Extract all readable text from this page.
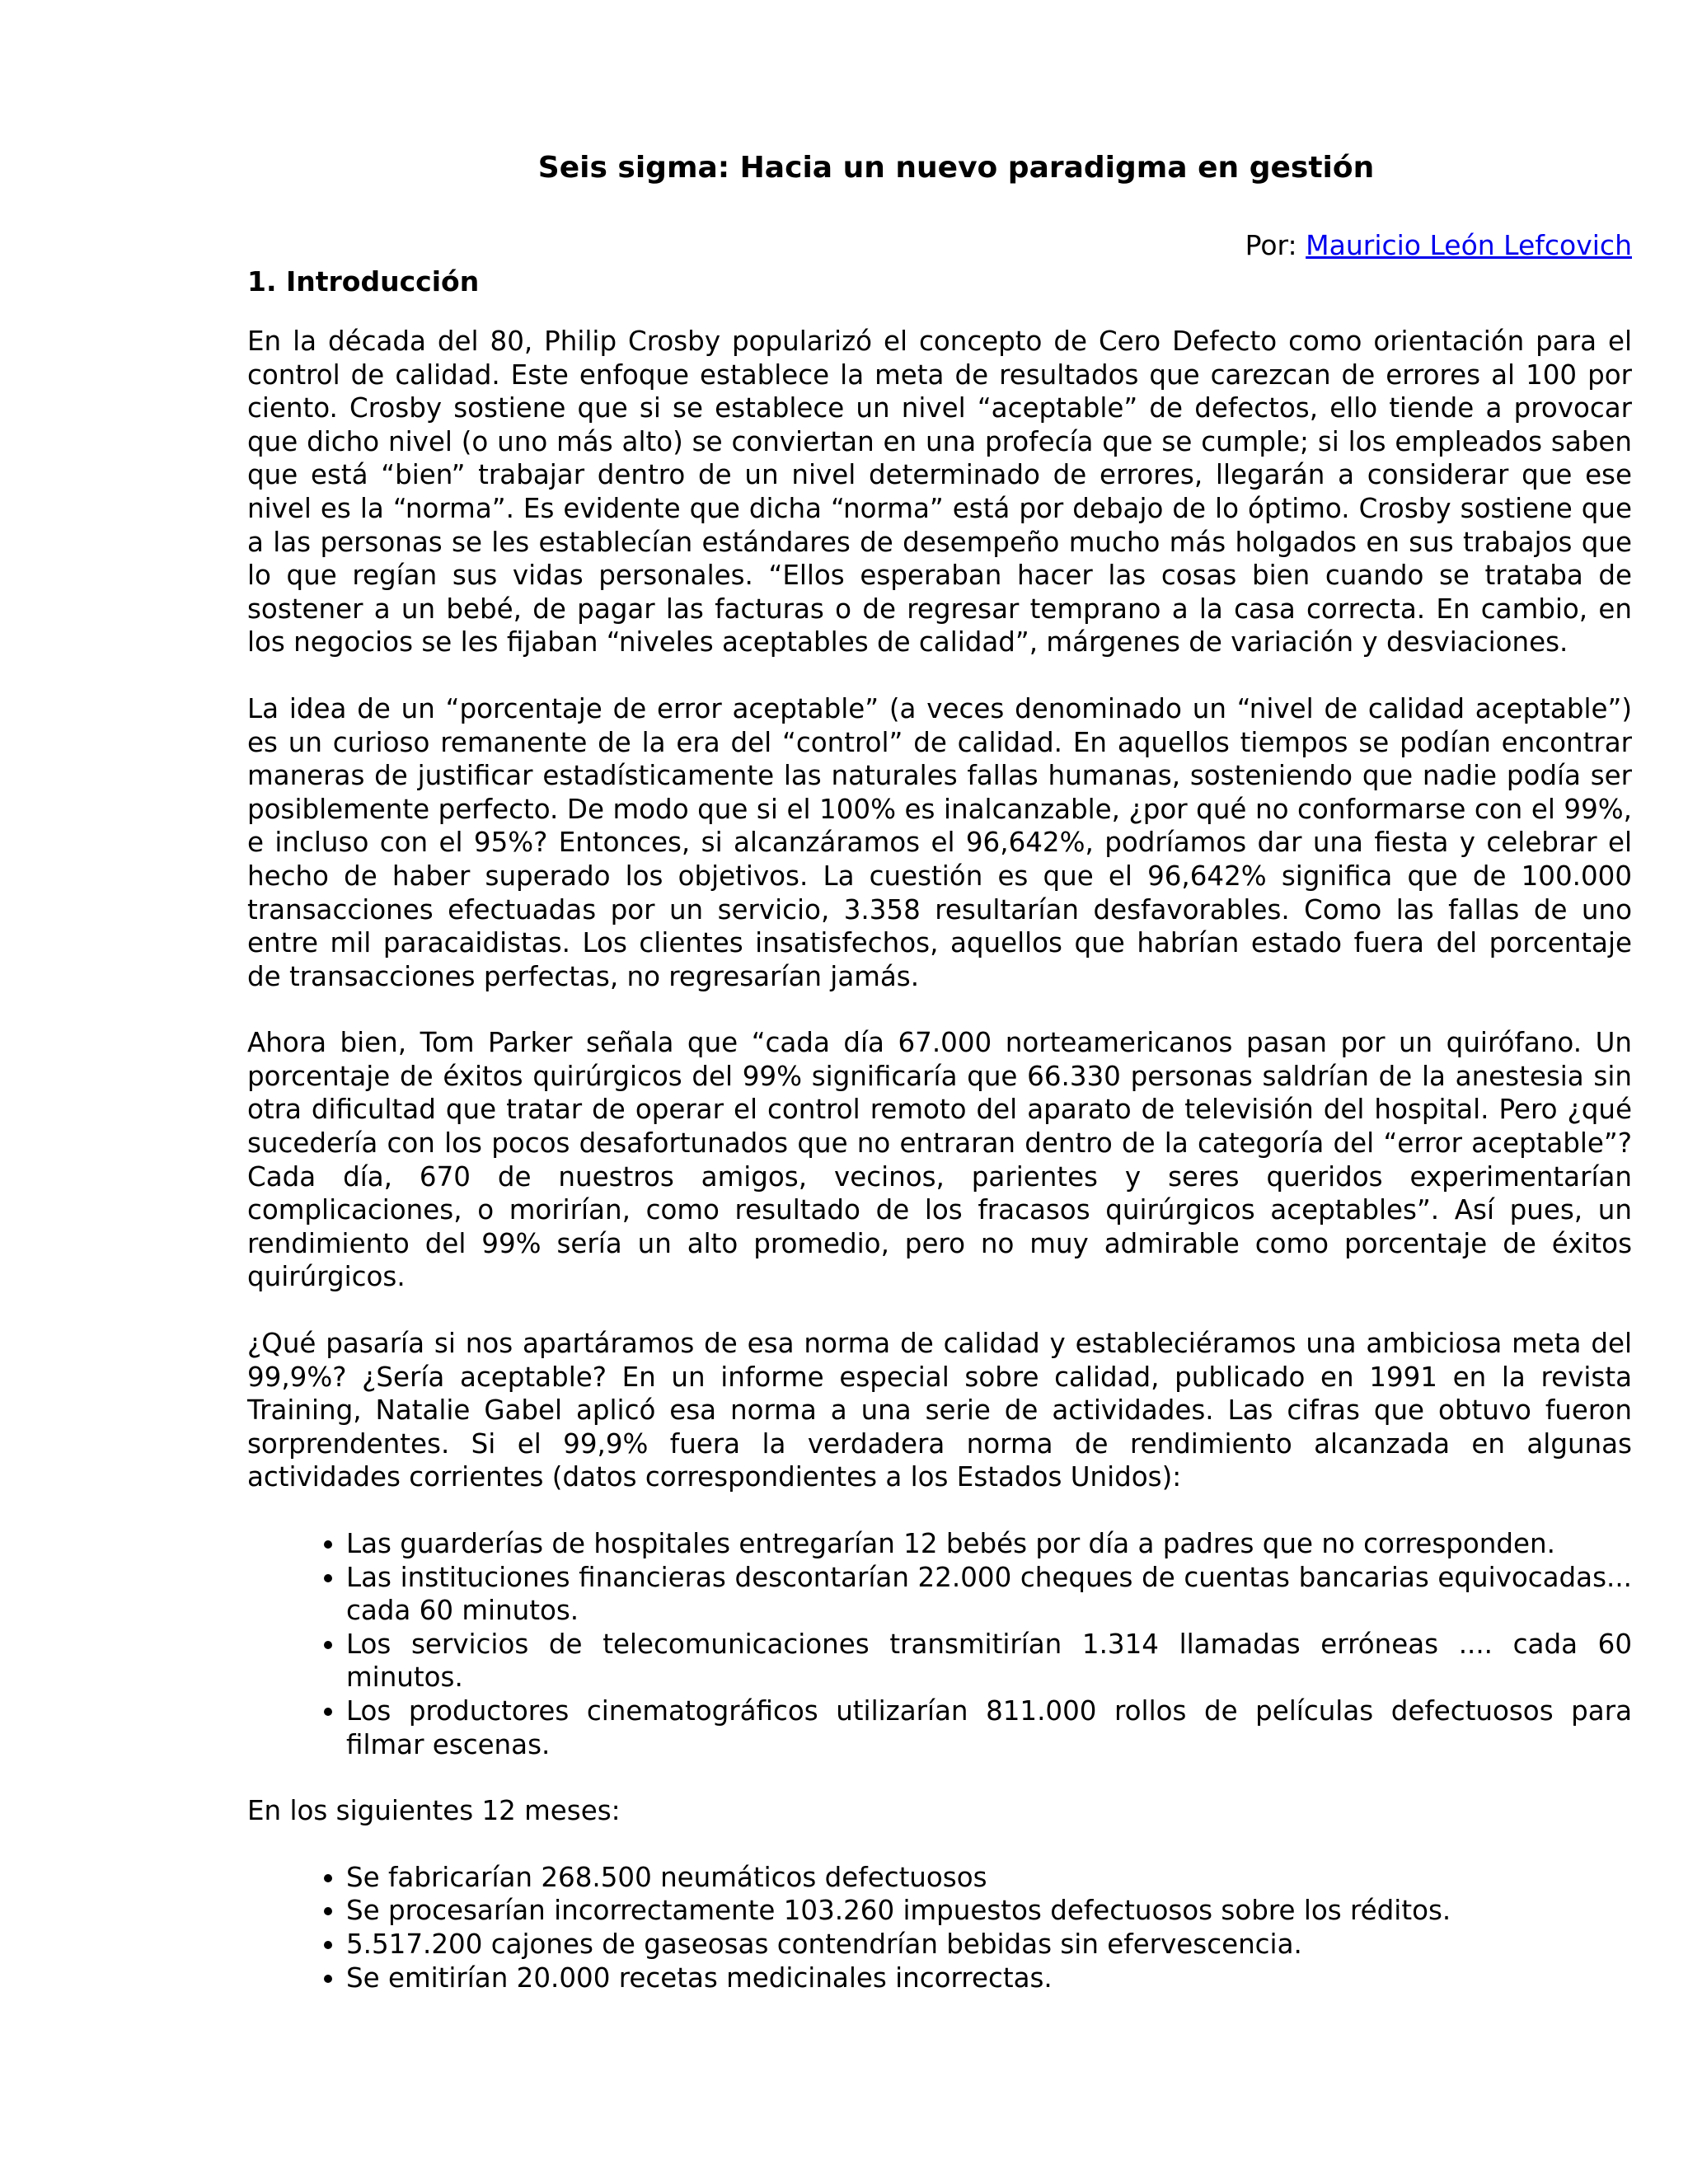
Seis sigma: Hacia un nuevo paradigma en gestión
Por: Mauricio León Lefcovich
1. Introducción

En la década del 80, Philip Crosby popularizó el concepto de Cero Defecto como orientación para el control de calidad. Este enfoque establece la meta de resultados que carezcan de errores al 100 por ciento. Crosby sostiene que si se establece un nivel “aceptable” de defectos, ello tiende a provocar que dicho nivel (o uno más alto) se conviertan en una profecía que se cumple; si los empleados saben que está “bien” trabajar dentro de un nivel determinado de errores, llegarán a considerar que ese nivel es la “norma”. Es evidente que dicha “norma” está por debajo de lo óptimo. Crosby sostiene que a las personas se les establecían estándares de desempeño mucho más holgados en sus trabajos que lo que regían sus vidas personales. “Ellos esperaban hacer las cosas bien cuando se trataba de sostener a un bebé, de pagar las facturas o de regresar temprano a la casa correcta. En cambio, en los negocios se les fijaban “niveles aceptables de calidad”, márgenes de variación y desviaciones.

La idea de un “porcentaje de error aceptable” (a veces denominado un “nivel de calidad aceptable”) es un curioso remanente de la era del “control” de calidad. En aquellos tiempos se podían encontrar maneras de justificar estadísticamente las naturales fallas humanas, sosteniendo que nadie podía ser posiblemente perfecto. De modo que si el 100% es inalcanzable, ¿por qué no conformarse con el 99%, e incluso con el 95%? Entonces, si alcanzáramos el 96,642%, podríamos dar una fiesta y celebrar el hecho de haber superado los objetivos. La cuestión es que el 96,642% significa que de 100.000 transacciones efectuadas por un servicio, 3.358 resultarían desfavorables. Como las fallas de uno entre mil paracaidistas. Los clientes insatisfechos, aquellos que habrían estado fuera del porcentaje de transacciones perfectas, no regresarían jamás.

Ahora bien, Tom Parker señala que “cada día 67.000 norteamericanos pasan por un quirófano. Un porcentaje de éxitos quirúrgicos del 99% significaría que 66.330 personas saldrían de la anestesia sin otra dificultad que tratar de operar el control remoto del aparato de televisión del hospital. Pero ¿qué sucedería con los pocos desafortunados que no entraran dentro de la categoría del “error aceptable”? Cada día, 670 de nuestros amigos, vecinos, parientes y seres queridos experimentarían complicaciones, o morirían, como resultado de los fracasos quirúrgicos aceptables”. Así pues, un rendimiento del 99% sería un alto promedio, pero no muy admirable como porcentaje de éxitos quirúrgicos.

¿Qué pasaría si nos apartáramos de esa norma de calidad y estableciéramos una ambiciosa meta del 99,9%? ¿Sería aceptable? En un informe especial sobre calidad, publicado en 1991 en la revista Training, Natalie Gabel aplicó esa norma a una serie de actividades. Las cifras que obtuvo fueron sorprendentes. Si el 99,9% fuera la verdadera norma de rendimiento alcanzada en algunas actividades corrientes (datos correspondientes a los Estados Unidos):

• Las guarderías de hospitales entregarían 12 bebés por día a padres que no corresponden.
• Las instituciones financieras descontarían 22.000 cheques de cuentas bancarias equivocadas... cada 60 minutos.
• Los servicios de telecomunicaciones transmitirían 1.314 llamadas erróneas .... cada 60 minutos.
• Los productores cinematográficos utilizarían 811.000 rollos de películas defectuosos para filmar escenas.

En los siguientes 12 meses:

• Se fabricarían 268.500 neumáticos defectuosos
• Se procesarían incorrectamente 103.260 impuestos defectuosos sobre los réditos.
• 5.517.200 cajones de gaseosas contendrían bebidas sin efervescencia.
• Se emitirían 20.000 recetas medicinales incorrectas.
